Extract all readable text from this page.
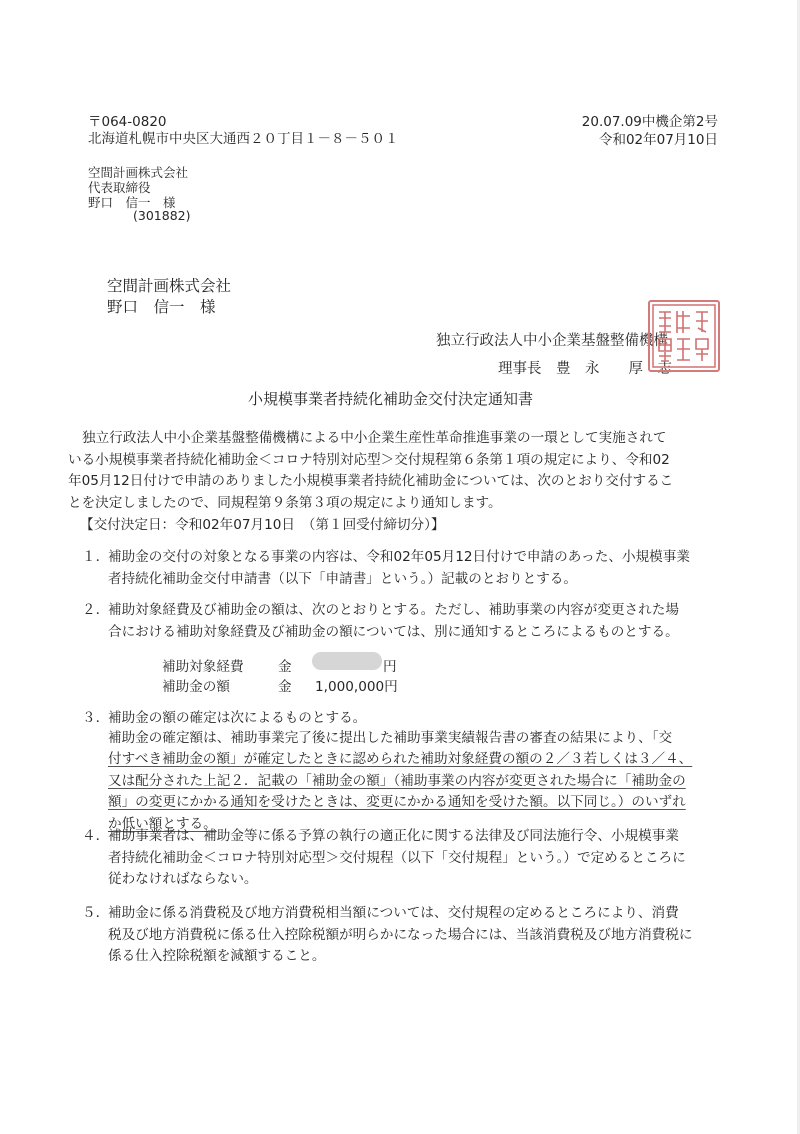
〒064-0820
北海道札幌市中央区大通西２０丁目１－８－５０１
20.07.09中機企第2号
令和02年07月10日
空間計画株式会社
代表取締役
野口　信一　様
(301882)
空間計画株式会社
野口　信一　様
独立行政法人中小企業基盤整備機構
理事長　豊　永　　厚　志
小規模事業者持続化補助金交付決定通知書
独立行政法人中小企業基盤整備機構による中小企業生産性革命推進事業の一環として実施されて
いる小規模事業者持続化補助金＜コロナ特別対応型＞交付規程第６条第１項の規定により、令和02
年05月12日付けで申請のありました小規模事業者持続化補助金については、次のとおり交付するこ
とを決定しましたので、同規程第９条第３項の規定により通知します。
【交付決定日：令和02年07月10日　（第１回受付締切分）】
１．
補助金の交付の対象となる事業の内容は、令和02年05月12日付けで申請のあった、小規模事業
者持続化補助金交付申請書（以下「申請書」という。）記載のとおりとする。
２．
補助対象経費及び補助金の額は、次のとおりとする。ただし、補助事業の内容が変更された場
合における補助対象経費及び補助金の額については、別に通知するところによるものとする。
補助対象経費	金	円
補助金の額	金 1,000,000円
３．
補助金の額の確定は次によるものとする。
補助金の確定額は、補助事業完了後に提出した補助事業実績報告書の審査の結果により、「交
付すべき補助金の額」が確定したときに認められた補助対象経費の額の２／３若しくは３／４、
又は配分された上記２．記載の「補助金の額」（補助事業の内容が変更された場合に「補助金の
額」の変更にかかる通知を受けたときは、変更にかかる通知を受けた額。以下同じ。）のいずれ
か低い額とする。
４．
補助事業者は、補助金等に係る予算の執行の適正化に関する法律及び同法施行令、小規模事業
者持続化補助金＜コロナ特別対応型＞交付規程（以下「交付規程」という。）で定めるところに
従わなければならない。
５．
補助金に係る消費税及び地方消費税相当額については、交付規程の定めるところにより、消費
税及び地方消費税に係る仕入控除税額が明らかになった場合には、当該消費税及び地方消費税に
係る仕入控除税額を減額すること。
